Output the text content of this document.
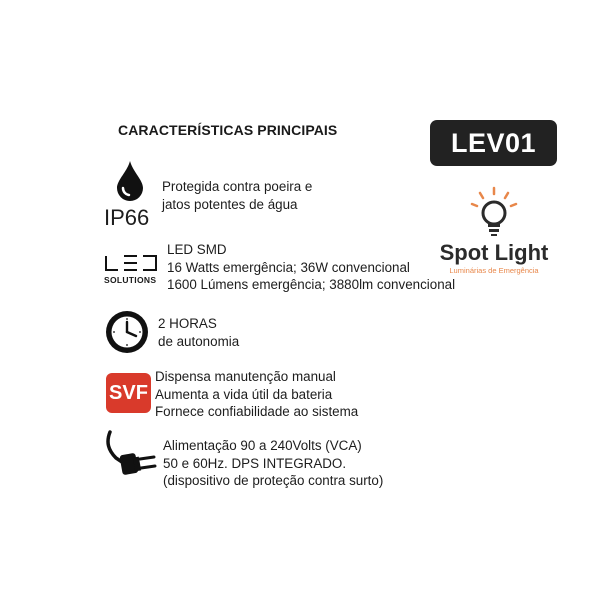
CARACTERÍSTICAS PRINCIPAIS	LEV01
Spot Light
Luminárias de Emergência
IP66
Protegida contra poeira e
jatos potentes de água
SOLUTIONS
LED SMD
16 Watts emergência; 36W convencional
1600 Lúmens emergência; 3880lm convencional
2 HORAS
de autonomia
SVF
Dispensa manutenção manual
Aumenta a vida útil da bateria
Fornece confiabilidade ao sistema
Alimentação 90 a 240Volts (VCA)
50 e 60Hz. DPS INTEGRADO.
(dispositivo de proteção contra surto)
